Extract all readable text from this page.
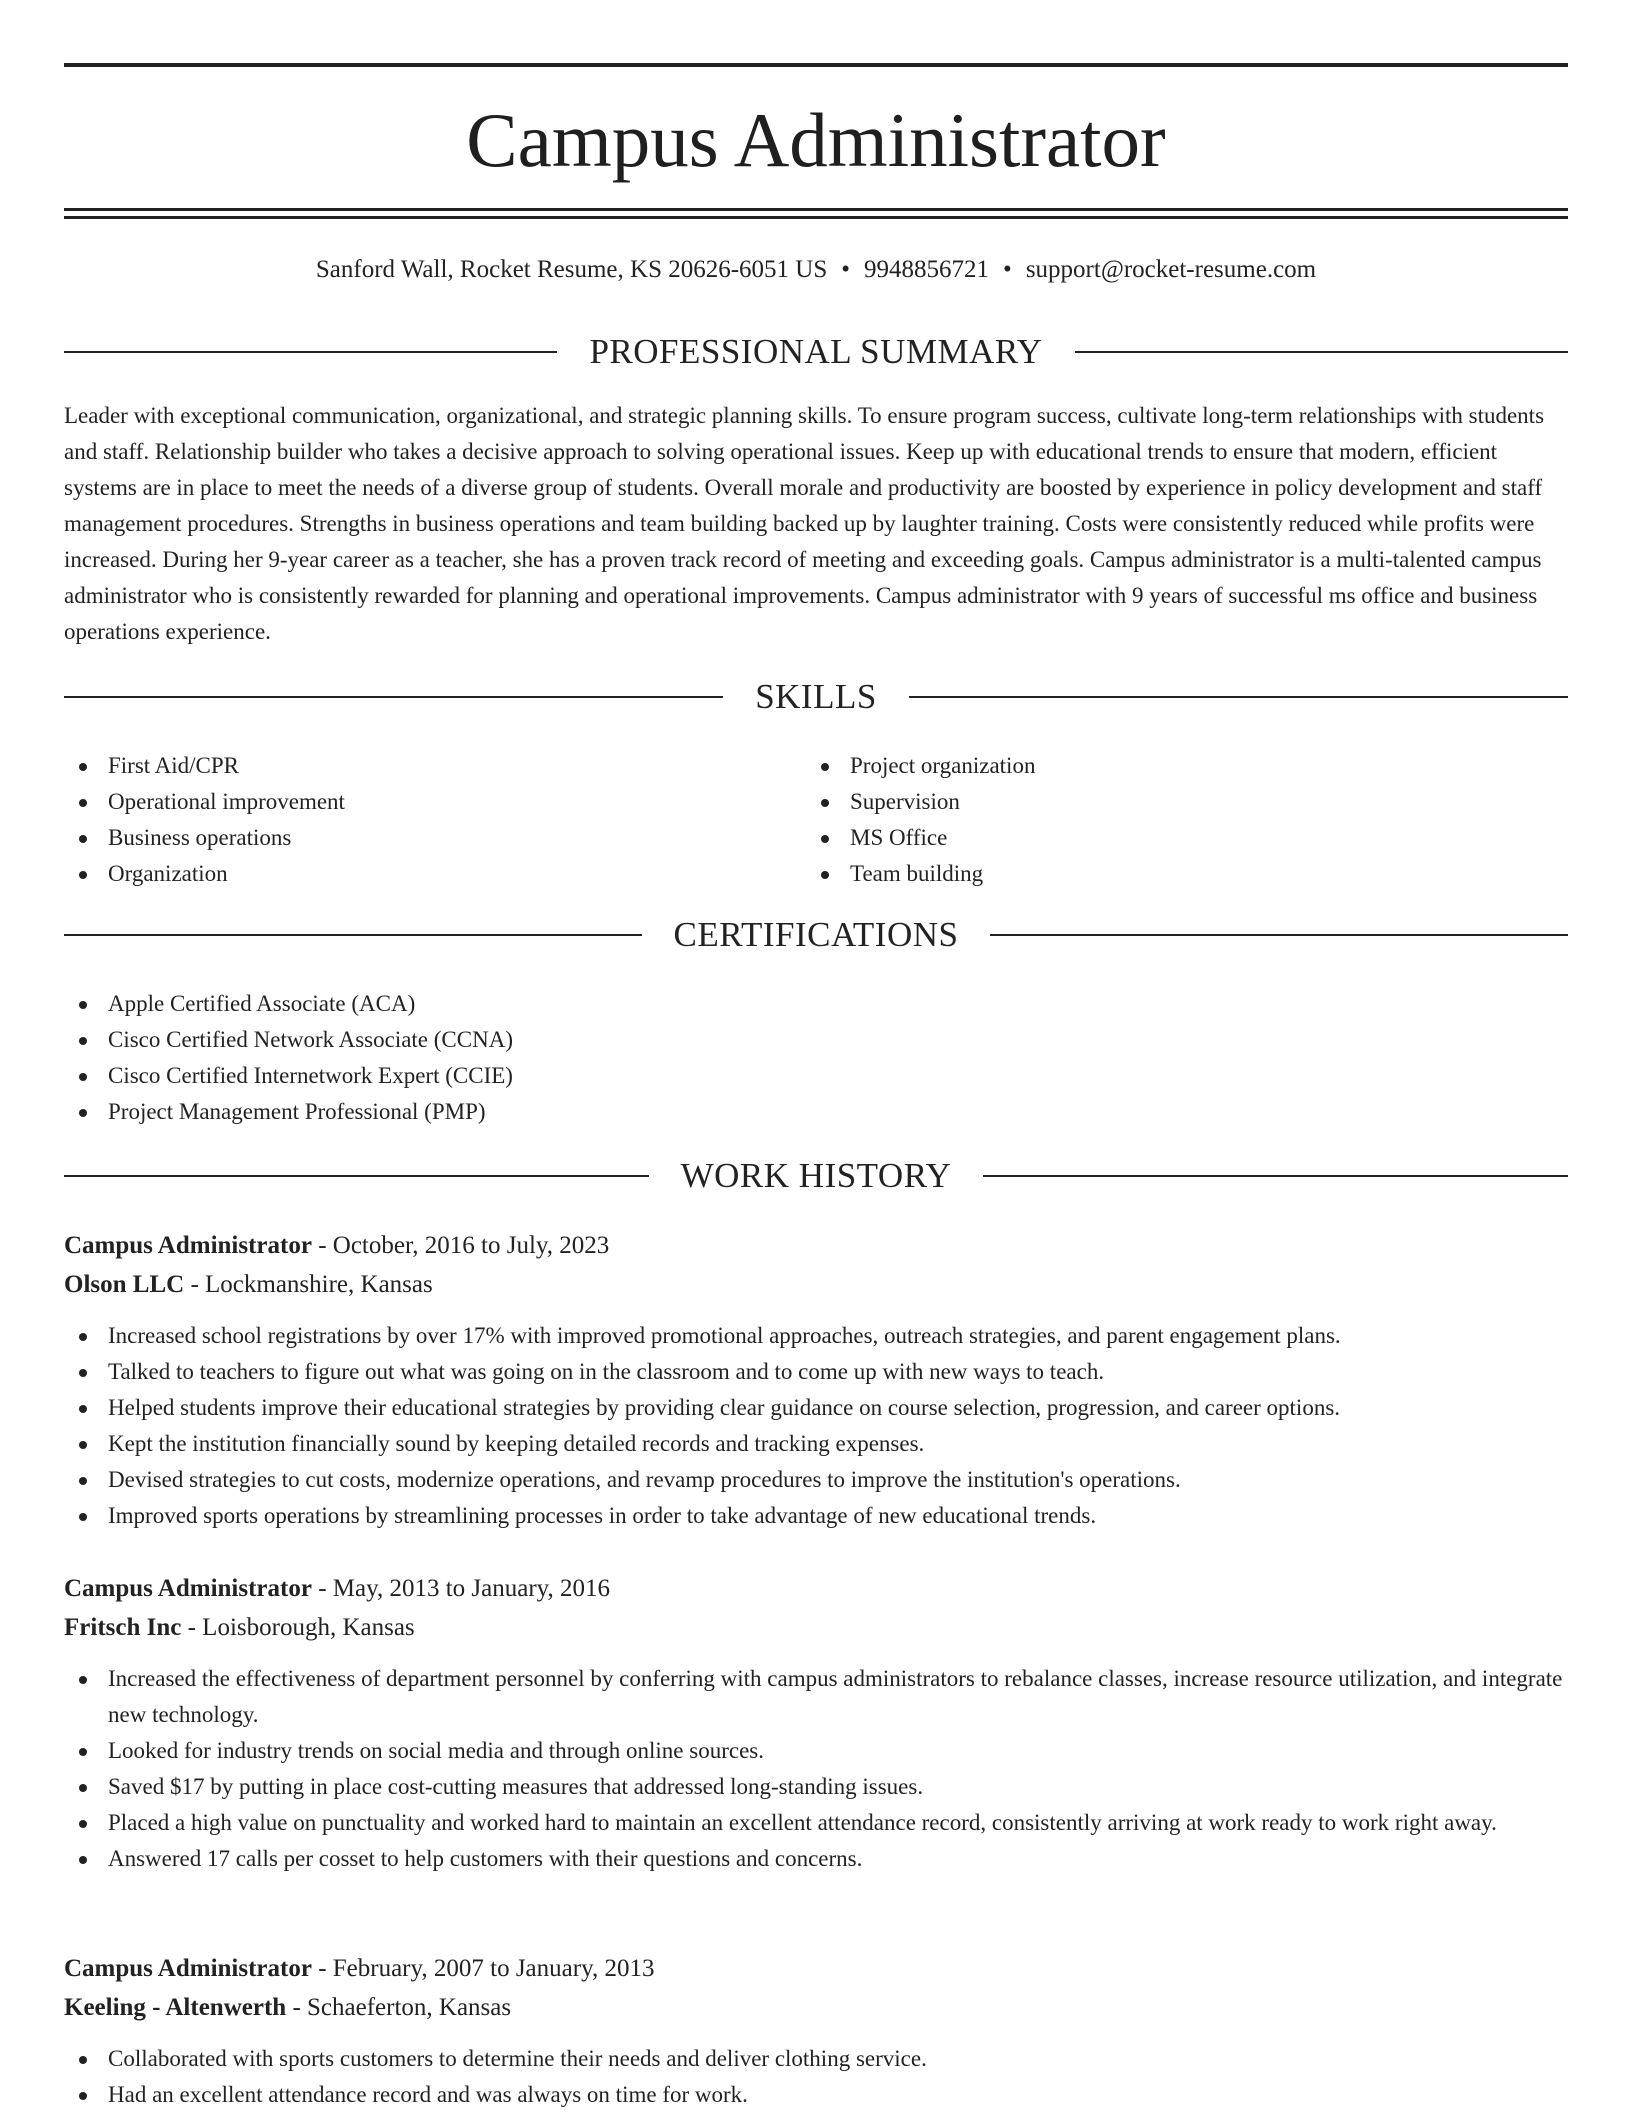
Campus Administrator
Sanford Wall, Rocket Resume, KS 20626-6051 US • 9948856721 • support@rocket-resume.com
PROFESSIONAL SUMMARY

Leader with exceptional communication, organizational, and strategic planning skills. To ensure program success, cultivate long-term relationships with students and staff. Relationship builder who takes a decisive approach to solving operational issues. Keep up with educational trends to ensure that modern, efficient systems are in place to meet the needs of a diverse group of students. Overall morale and productivity are boosted by experience in policy development and staff management procedures. Strengths in business operations and team building backed up by laughter training. Costs were consistently reduced while profits were increased. During her 9-year career as a teacher, she has a proven track record of meeting and exceeding goals. Campus administrator is a multi-talented campus administrator who is consistently rewarded for planning and operational improvements. Campus administrator with 9 years of successful ms office and business operations experience.

SKILLS
First Aid/CPR
Operational improvement
Business operations
Organization
Project organization
Supervision
MS Office
Team building
CERTIFICATIONS
Apple Certified Associate (ACA)
Cisco Certified Network Associate (CCNA)
Cisco Certified Internetwork Expert (CCIE)
Project Management Professional (PMP)
WORK HISTORY
Campus Administrator - October, 2016 to July, 2023
Olson LLC - Lockmanshire, Kansas
Increased school registrations by over 17% with improved promotional approaches, outreach strategies, and parent engagement plans.
Talked to teachers to figure out what was going on in the classroom and to come up with new ways to teach.
Helped students improve their educational strategies by providing clear guidance on course selection, progression, and career options.
Kept the institution financially sound by keeping detailed records and tracking expenses.
Devised strategies to cut costs, modernize operations, and revamp procedures to improve the institution's operations.
Improved sports operations by streamlining processes in order to take advantage of new educational trends.
Campus Administrator - May, 2013 to January, 2016
Fritsch Inc - Loisborough, Kansas
Increased the effectiveness of department personnel by conferring with campus administrators to rebalance classes, increase resource utilization, and integrate new technology.
Looked for industry trends on social media and through online sources.
Saved $17 by putting in place cost-cutting measures that addressed long-standing issues.
Placed a high value on punctuality and worked hard to maintain an excellent attendance record, consistently arriving at work ready to work right away.
Answered 17 calls per cosset to help customers with their questions and concerns.
Campus Administrator - February, 2007 to January, 2013
Keeling - Altenwerth - Schaeferton, Kansas
Collaborated with sports customers to determine their needs and deliver clothing service.
Had an excellent attendance record and was always on time for work.
